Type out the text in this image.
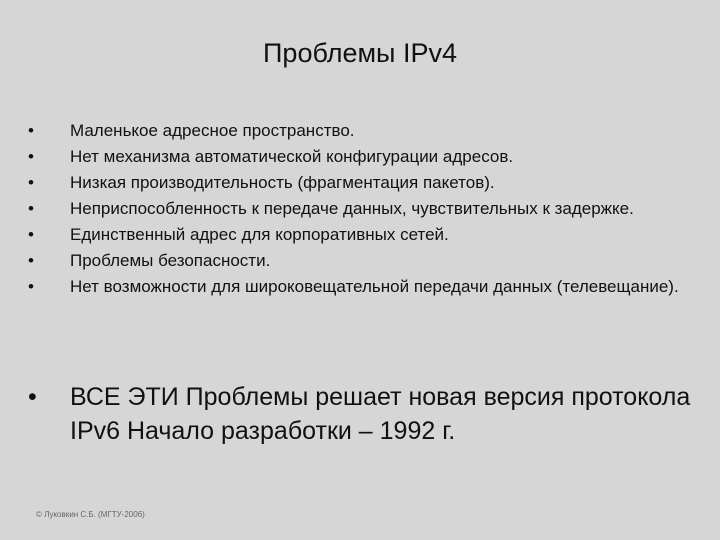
Проблемы IPv4
•	Маленькое адресное пространство.
•	Нет механизма автоматической конфигурации адресов.
•	Низкая производительность (фрагментация пакетов).
•	Неприспособленность к передаче данных, чувствительных к задержке.
•	Единственный адрес для корпоративных сетей.
•	Проблемы безопасности.
•	Нет возможности для широковещательной передачи данных (телевещание).
• ВСЕ ЭТИ Проблемы решает новая версия протокола IPv6 Начало разработки – 1992 г.
© Луковкин С.Б. (МГТУ-2006)
